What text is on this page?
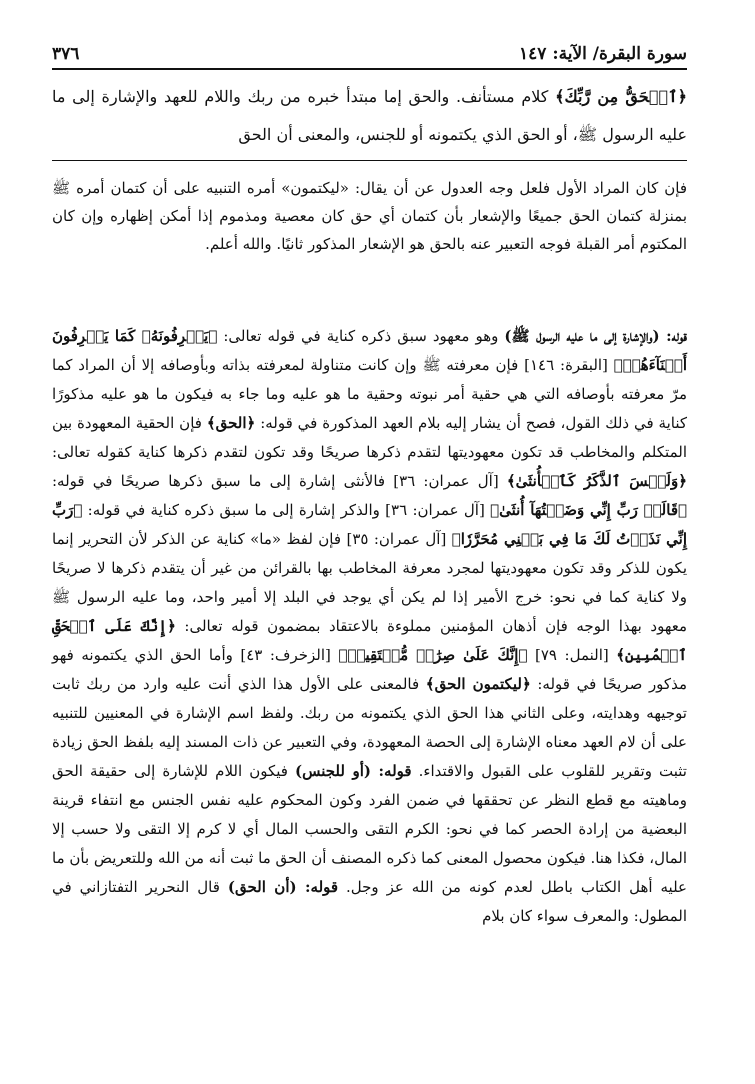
سورة البقرة/ الآية: ١٤٧
٣٧٦

﴿ٱلۡحَقُّ مِن رَّبِّكَ﴾ كلام مستأنف. والحق إما مبتدأ خبره من ربك واللام للعهد والإشارة إلى ما عليه الرسول ﷺ، أو الحق الذي يكتمونه أو للجنس، والمعنى أن الحق

فإن كان المراد الأول فلعل وجه العدول عن أن يقال: «ليكتمون» أمره التنبيه على أن كتمان أمره ﷺ بمنزلة كتمان الحق جميعًا والإشعار بأن كتمان أي حق كان معصية ومذموم إذا أمكن إظهاره وإن كان المكتوم أمر القبلة فوجه التعبير عنه بالحق هو الإشعار المذكور ثانيًا. والله أعلم.

قوله: (والإشارة إلى ما عليه الرسول ﷺ) وهو معهود سبق ذكره كناية في قوله تعالى: ﴿يَعۡرِفُونَهُۥ كَمَا يَعۡرِفُونَ أَبۡنَآءَهُمۡ﴾ [البقرة: ١٤٦] فإن معرفته ﷺ وإن كانت متناولة لمعرفته بذاته وبأوصافه إلا أن المراد كما مرّ معرفته بأوصافه التي هي حقية أمر نبوته وحقية ما هو عليه وما جاء به فيكون ما هو عليه مذكورًا كناية في ذلك القول، فصح أن يشار إليه بلام العهد المذكورة في قوله: ﴿الحق﴾ فإن الحقية المعهودة بين المتكلم والمخاطب قد تكون معهوديتها لتقدم ذكرها صريحًا وقد تكون لتقدم ذكرها كناية كقوله تعالى: ﴿وَلَيۡسَ ٱلذَّكَرُ كَٱلۡأُنثَىٰ﴾ [آل عمران: ٣٦] فالأنثى إشارة إلى ما سبق ذكرها صريحًا في قوله: ﴿قَالَتۡ رَبِّ إِنِّي وَضَعۡتُهَآ أُنثَىٰ﴾ [آل عمران: ٣٦] والذكر إشارة إلى ما سبق ذكره كناية في قوله: ﴿رَبِّ إِنِّي نَذَرۡتُ لَكَ مَا فِي بَطۡنِي مُحَرَّرٗا﴾ [آل عمران: ٣٥] فإن لفظ «ما» كناية عن الذكر لأن التحرير إنما يكون للذكر وقد تكون معهوديتها لمجرد معرفة المخاطب بها بالقرائن من غير أن يتقدم ذكرها لا صريحًا ولا كناية كما في نحو: خرج الأمير إذا لم يكن أي يوجد في البلد إلا أمير واحد، وما عليه الرسول ﷺ معهود بهذا الوجه فإن أذهان المؤمنين مملوءة بالاعتقاد بمضمون قوله تعالى: ﴿إِنَّكَ عَلَى ٱلۡحَقِّ ٱلۡمُبِينِ﴾ [النمل: ٧٩] ﴿إِنَّكَ عَلَىٰ صِرَٰطٖ مُّسۡتَقِيمٖ﴾ [الزخرف: ٤٣] وأما الحق الذي يكتمونه فهو مذكور صريحًا في قوله: ﴿ليكتمون الحق﴾ فالمعنى على الأول هذا الذي أنت عليه وارد من ربك ثابت توجيهه وهدايته، وعلى الثاني هذا الحق الذي يكتمونه من ربك. ولفظ اسم الإشارة في المعنيين للتنبيه على أن لام العهد معناه الإشارة إلى الحصة المعهودة، وفي التعبير عن ذات المسند إليه بلفظ الحق زيادة تثبت وتقرير للقلوب على القبول والاقتداء. قوله: (أو للجنس) فيكون اللام للإشارة إلى حقيقة الحق وماهيته مع قطع النظر عن تحققها في ضمن الفرد وكون المحكوم عليه نفس الجنس مع انتفاء قرينة البعضية من إرادة الحصر كما في نحو: الكرم التقى والحسب المال أي لا كرم إلا التقى ولا حسب إلا المال، فكذا هنا. فيكون محصول المعنى كما ذكره المصنف أن الحق ما ثبت أنه من الله وللتعريض بأن ما عليه أهل الكتاب باطل لعدم كونه من الله عز وجل. قوله: (أن الحق) قال النحرير التفتازاني في المطول: والمعرف سواء كان بلام
